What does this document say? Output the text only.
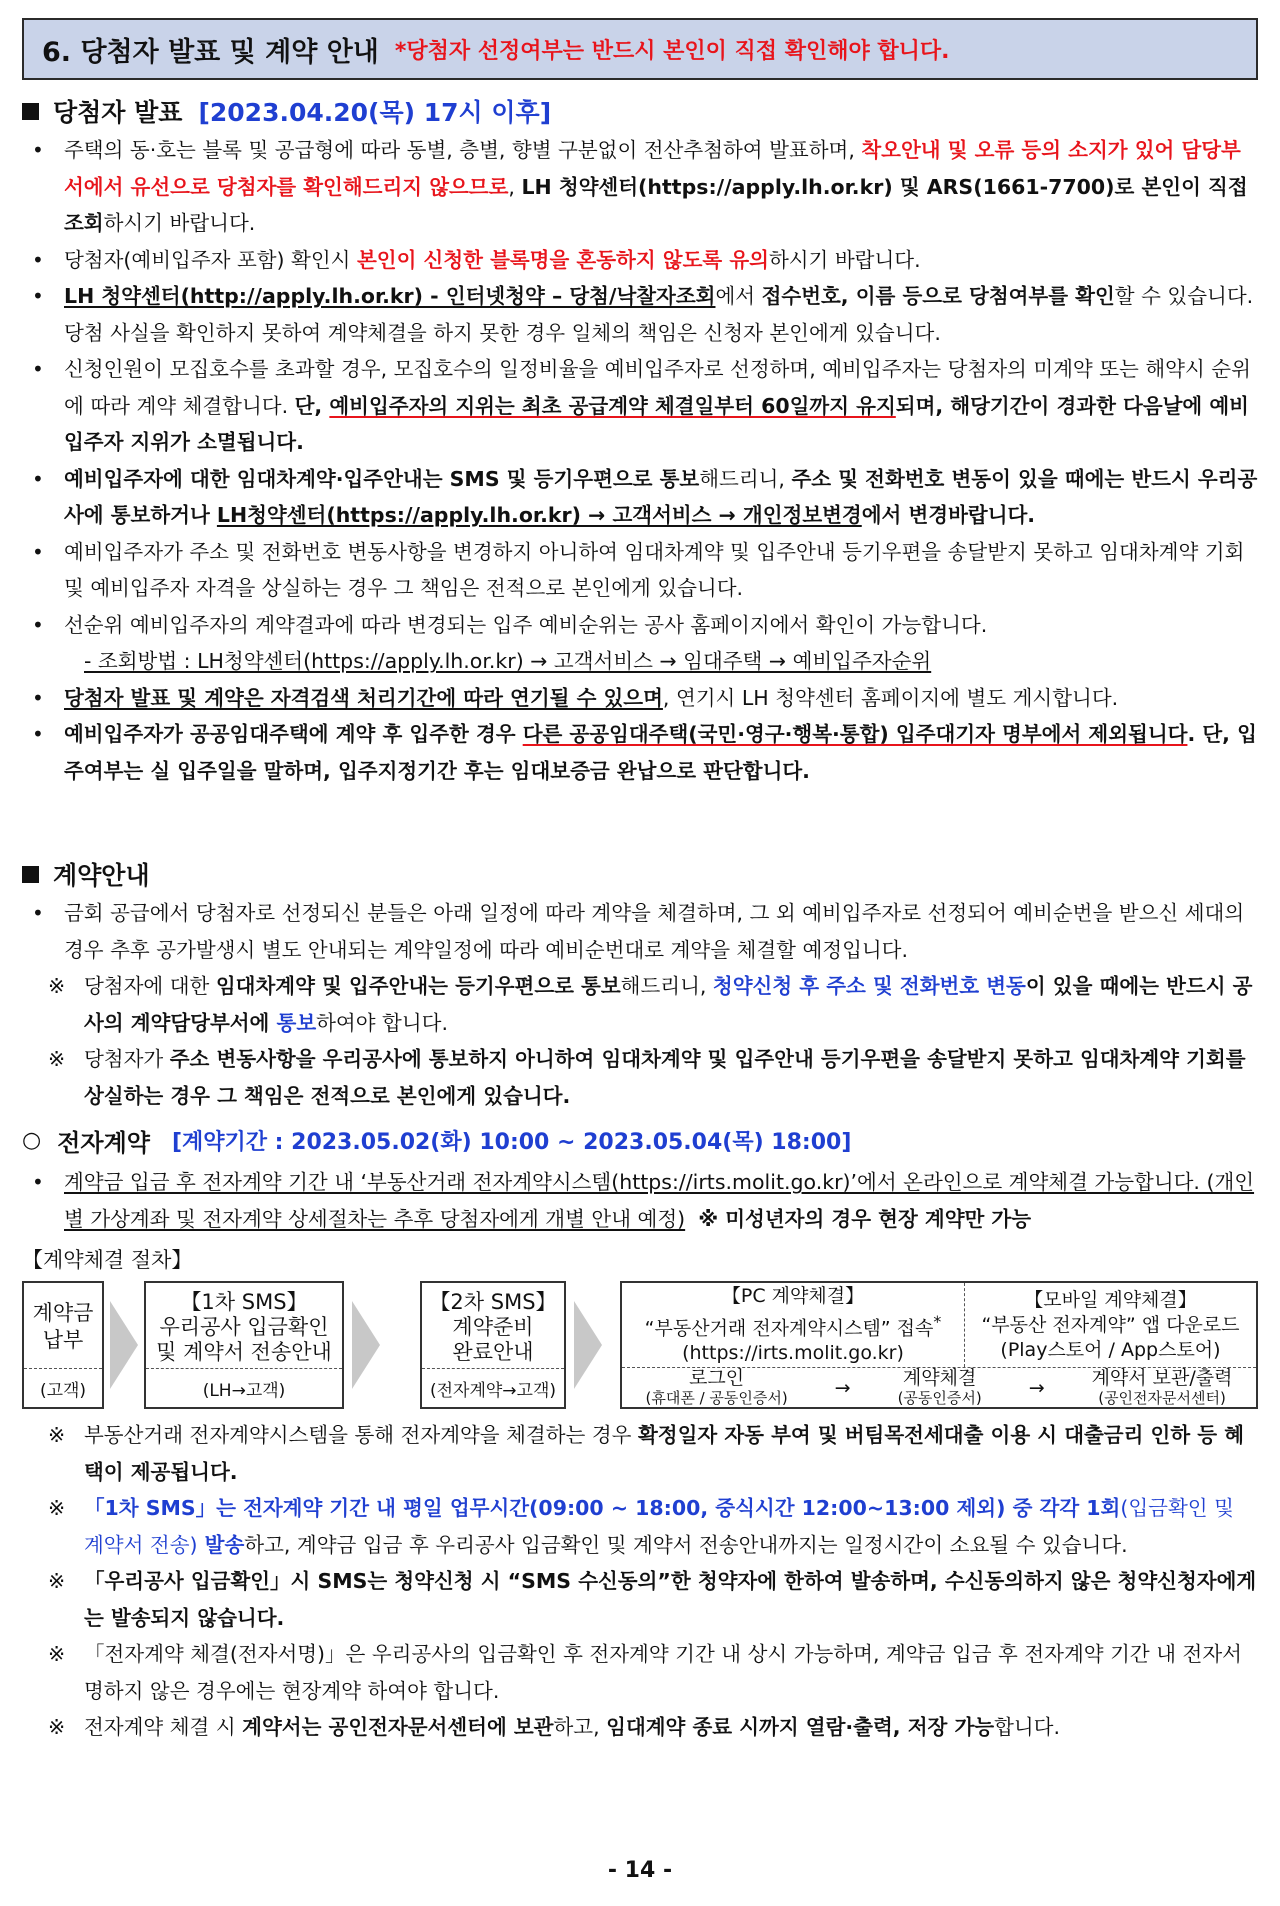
6. 당첨자 발표 및 계약 안내 *당첨자 선정여부는 반드시 본인이 직접 확인해야 합니다.
당첨자 발표 [2023.04.20(목) 17시 이후]
• 주택의 동·호는 블록 및 공급형에 따라 동별, 층별, 향별 구분없이 전산추첨하여 발표하며, 착오안내 및 오류 등의 소지가 있어 담당부서에서 유선으로 당첨자를 확인해드리지 않으므로, LH 청약센터(https://apply.lh.or.kr) 및 ARS(1661-7700)로 본인이 직접 조회하시기 바랍니다.
• 당첨자(예비입주자 포함) 확인시 본인이 신청한 블록명을 혼동하지 않도록 유의하시기 바랍니다.
• LH 청약센터(http://apply.lh.or.kr) - 인터넷청약 – 당첨/낙찰자조회에서 접수번호, 이름 등으로 당첨여부를 확인할 수 있습니다. 당첨 사실을 확인하지 못하여 계약체결을 하지 못한 경우 일체의 책임은 신청자 본인에게 있습니다.
• 신청인원이 모집호수를 초과할 경우, 모집호수의 일정비율을 예비입주자로 선정하며, 예비입주자는 당첨자의 미계약 또는 해약시 순위에 따라 계약 체결합니다. 단, 예비입주자의 지위는 최초 공급계약 체결일부터 60일까지 유지되며, 해당기간이 경과한 다음날에 예비입주자 지위가 소멸됩니다.
• 예비입주자에 대한 임대차계약·입주안내는 SMS 및 등기우편으로 통보해드리니, 주소 및 전화번호 변동이 있을 때에는 반드시 우리공사에 통보하거나 LH청약센터(https://apply.lh.or.kr) → 고객서비스 → 개인정보변경에서 변경바랍니다.
• 예비입주자가 주소 및 전화번호 변동사항을 변경하지 아니하여 임대차계약 및 입주안내 등기우편을 송달받지 못하고 임대차계약 기회 및 예비입주자 자격을 상실하는 경우 그 책임은 전적으로 본인에게 있습니다.
• 선순위 예비입주자의 계약결과에 따라 변경되는 입주 예비순위는 공사 홈페이지에서 확인이 가능합니다.
- 조회방법 : LH청약센터(https://apply.lh.or.kr) → 고객서비스 → 임대주택 → 예비입주자순위
• 당첨자 발표 및 계약은 자격검색 처리기간에 따라 연기될 수 있으며, 연기시 LH 청약센터 홈페이지에 별도 게시합니다.
• 예비입주자가 공공임대주택에 계약 후 입주한 경우 다른 공공임대주택(국민·영구·행복·통합) 입주대기자 명부에서 제외됩니다. 단, 입주여부는 실 입주일을 말하며, 입주지정기간 후는 임대보증금 완납으로 판단합니다.
계약안내
• 금회 공급에서 당첨자로 선정되신 분들은 아래 일정에 따라 계약을 체결하며, 그 외 예비입주자로 선정되어 예비순번을 받으신 세대의 경우 추후 공가발생시 별도 안내되는 계약일정에 따라 예비순번대로 계약을 체결할 예정입니다.
※ 당첨자에 대한 임대차계약 및 입주안내는 등기우편으로 통보해드리니, 청약신청 후 주소 및 전화번호 변동이 있을 때에는 반드시 공사의 계약담당부서에 통보하여야 합니다.
※ 당첨자가 주소 변동사항을 우리공사에 통보하지 아니하여 임대차계약 및 입주안내 등기우편을 송달받지 못하고 임대차계약 기회를 상실하는 경우 그 책임은 전적으로 본인에게 있습니다.
○ 전자계약 [계약기간 : 2023.05.02(화) 10:00 ~ 2023.05.04(목) 18:00]
• 계약금 입금 후 전자계약 기간 내 ‘부동산거래 전자계약시스템(https://irts.molit.go.kr)’에서 온라인으로 계약체결 가능합니다. (개인별 가상계좌 및 전자계약 상세절차는 추후 당첨자에게 개별 안내 예정) ※ 미성년자의 경우 현장 계약만 가능
【계약체결 절차】
계약금
납부
(고객)
【1차 SMS】
우리공사 입금확인
및 계약서 전송안내
(LH→고객)
【2차 SMS】
계약준비
완료안내
(전자계약→고객)
【PC 계약체결】
“부동산거래 전자계약시스템” 접속*
(https://irts.molit.go.kr)
【모바일 계약체결】
“부동산 전자계약” 앱 다운로드
(Play스토어 / App스토어)
로그인
(휴대폰 / 공동인증서) →	계약체결
(공동인증서) → 계약서 보관/출력
(공인전자문서센터)
※ 부동산거래 전자계약시스템을 통해 전자계약을 체결하는 경우 확정일자 자동 부여 및 버팀목전세대출 이용 시 대출금리 인하 등 혜택이 제공됩니다.
※ 「1차 SMS」는 전자계약 기간 내 평일 업무시간(09:00 ~ 18:00, 중식시간 12:00~13:00 제외) 중 각각 1회(입금확인 및 계약서 전송) 발송하고, 계약금 입금 후 우리공사 입금확인 및 계약서 전송안내까지는 일정시간이 소요될 수 있습니다.
※ 「우리공사 입금확인」시 SMS는 청약신청 시 “SMS 수신동의”한 청약자에 한하여 발송하며, 수신동의하지 않은 청약신청자에게는 발송되지 않습니다.
※ 「전자계약 체결(전자서명)」은 우리공사의 입금확인 후 전자계약 기간 내 상시 가능하며, 계약금 입금 후 전자계약 기간 내 전자서명하지 않은 경우에는 현장계약 하여야 합니다.
※ 전자계약 체결 시 계약서는 공인전자문서센터에 보관하고, 임대계약 종료 시까지 열람·출력, 저장 가능합니다.
- 14 -
